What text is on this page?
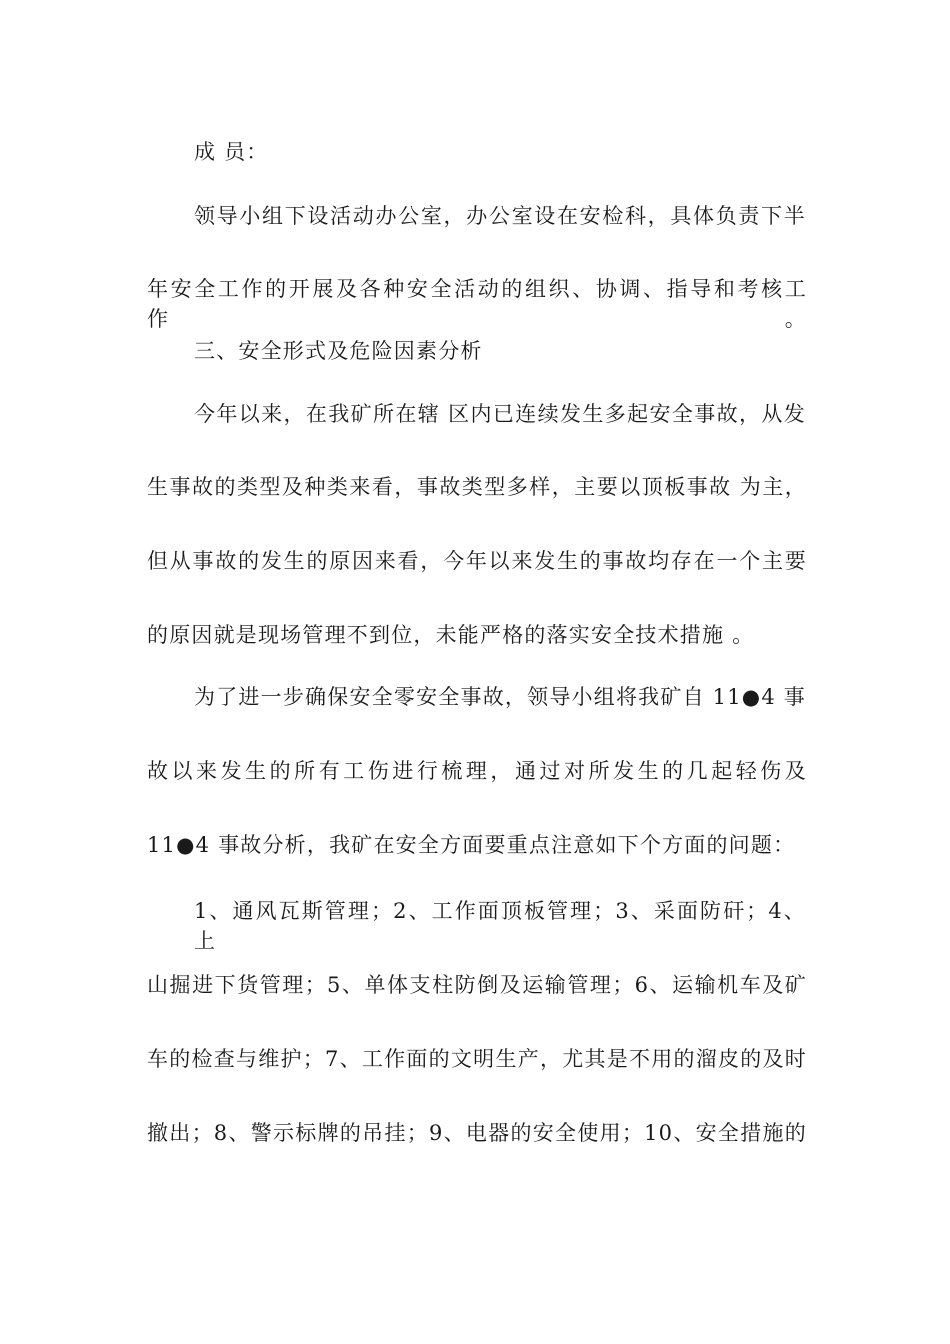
成 员：
领导小组下设活动办公室，办公室设在安检科，具体负责下半
年安全工作的开展及各种安全活动的组织、协调、指导和考核工作。
三、安全形式及危险因素分析
今年以来，在我矿所在辖 区内已连续发生多起安全事故，从发
生事故的类型及种类来看，事故类型多样，主要以顶板事故 为主，
但从事故的发生的原因来看，今年以来发生的事故均存在一个主要
的原因就是现场管理不到位，未能严格的落实安全技术措施 。
为了进一步确保安全零安全事故，领导小组将我矿自 11●4 事
故以来发生的所有工伤进行梳理，通过对所发生的几起轻伤及
11●4 事故分析，我矿在安全方面要重点注意如下个方面的问题：
1、通风瓦斯管理；2、工作面顶板管理；3、采面防矸；4、上
山掘进下货管理；5、单体支柱防倒及运输管理；6、运输机车及矿
车的检查与维护；7、工作面的文明生产，尤其是不用的溜皮的及时
撤出；8、警示标牌的吊挂；9、电器的安全使用；10、安全措施的
